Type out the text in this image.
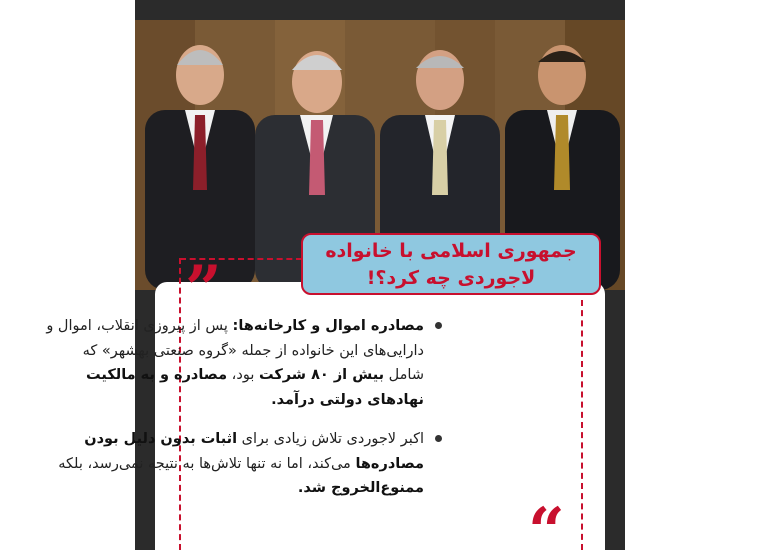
”
“
جمهوری اسلامی با خانواده
لاجوردی چه کرد؟!

مصادره اموال و کارخانه‌ها: پس از پیروزی انقلاب، اموال و دارایی‌های این خانواده از جمله «گروه صنعتی بهشهر» که شامل بیش از ۸۰ شرکت بود، مصادره و به مالکیت نهادهای دولتی درآمد.

اکبر لاجوردی تلاش زیادی برای اثبات بدون دلیل بودن مصادره‌ها می‌کند، اما نه تنها تلاش‌ها به نتیجه نمی‌رسد، بلکه ممنوع‌الخروج شد.
